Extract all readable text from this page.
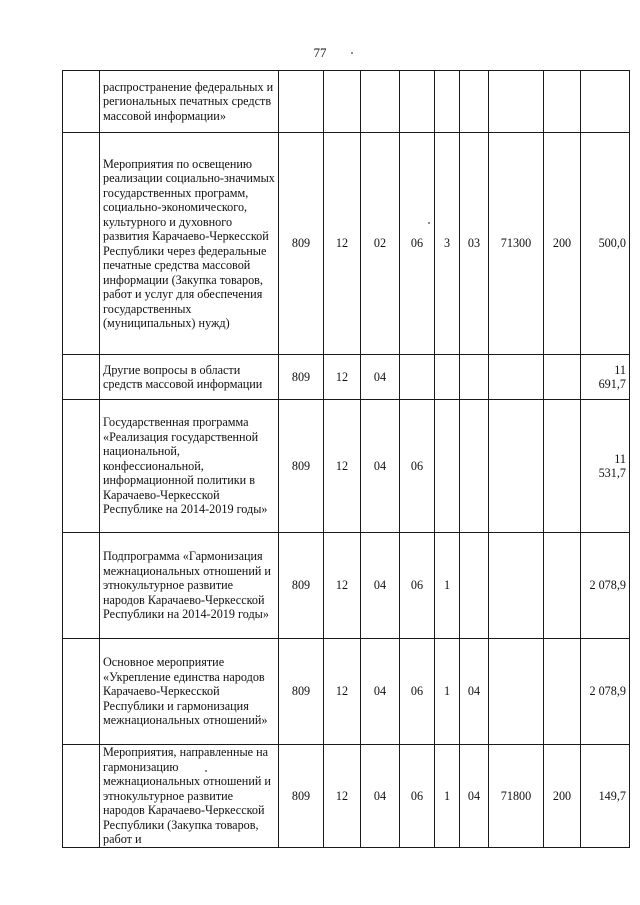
77
	распространение федеральных и региональных печатных средств массовой информации»									
	Мероприятия по освещению реализации социально-значимых государственных программ, социально-экономического, культурного и духовного развития Карачаево-Черкесской Республики через федеральные печатные средства массовой информации (Закупка товаров, работ и услуг для обеспечения государственных (муниципальных) нужд)	809	12	02	06	3	03	71300	200	500,0
	Другие вопросы в области средств массовой информации	809	12	04						11 691,7
	Государственная программа «Реализация государственной национальной, конфессиональной, информационной политики в Карачаево-Черкесской Республике на 2014-2019 годы»	809	12	04	06					11 531,7
	Подпрограмма «Гармонизация межнациональных отношений и этнокультурное развитие народов Карачаево-Черкесской Республики на 2014-2019 годы»	809	12	04	06	1				2 078,9
	Основное мероприятие «Укрепление единства народов Карачаево-Черкесской Республики и гармонизация межнациональных отношений»	809	12	04	06	1	04			2 078,9
	Мероприятия, направленные на гармонизацию межнациональных отношений и этнокультурное развитие народов Карачаево-Черкесской Республики (Закупка товаров, работ и	809	12	04	06	1	04	71800	200	149,7
